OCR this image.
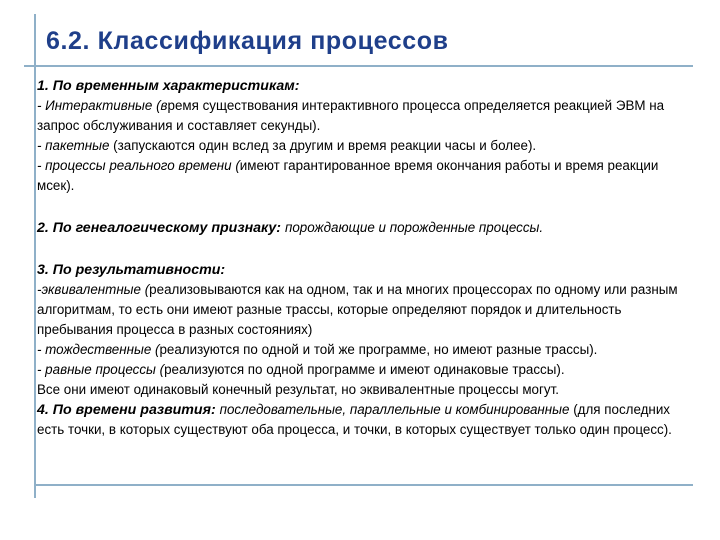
6.2. Классификация процессов

1. По временным характеристикам:

- Интерактивные (время существования интерактивного процесса определяется реакцией ЭВМ на запрос обслуживания и составляет секунды).

- пакетные (запускаются один вслед за другим и время реакции часы и более).

- процессы реального времени (имеют гарантированное время окончания работы и время реакции мсек).

2. По генеалогическому признаку: порождающие и порожденные процессы.

3. По результативности:

-эквивалентные (реализовываются как на одном, так и на многих процессорах по одному или разным алгоритмам, то есть они имеют разные трассы, которые определяют порядок и длительность пребывания процесса в разных состояниях)

- тождественные (реализуются по одной и той же программе, но имеют разные трассы).

- равные процессы (реализуются по одной программе и имеют одинаковые трассы).

Все они имеют одинаковый конечный результат, но эквивалентные процессы могут.

4. По времени развития: последовательные, параллельные и комбинированные (для последних есть точки, в которых существуют оба процесса, и точки, в которых существует только один процесс).
